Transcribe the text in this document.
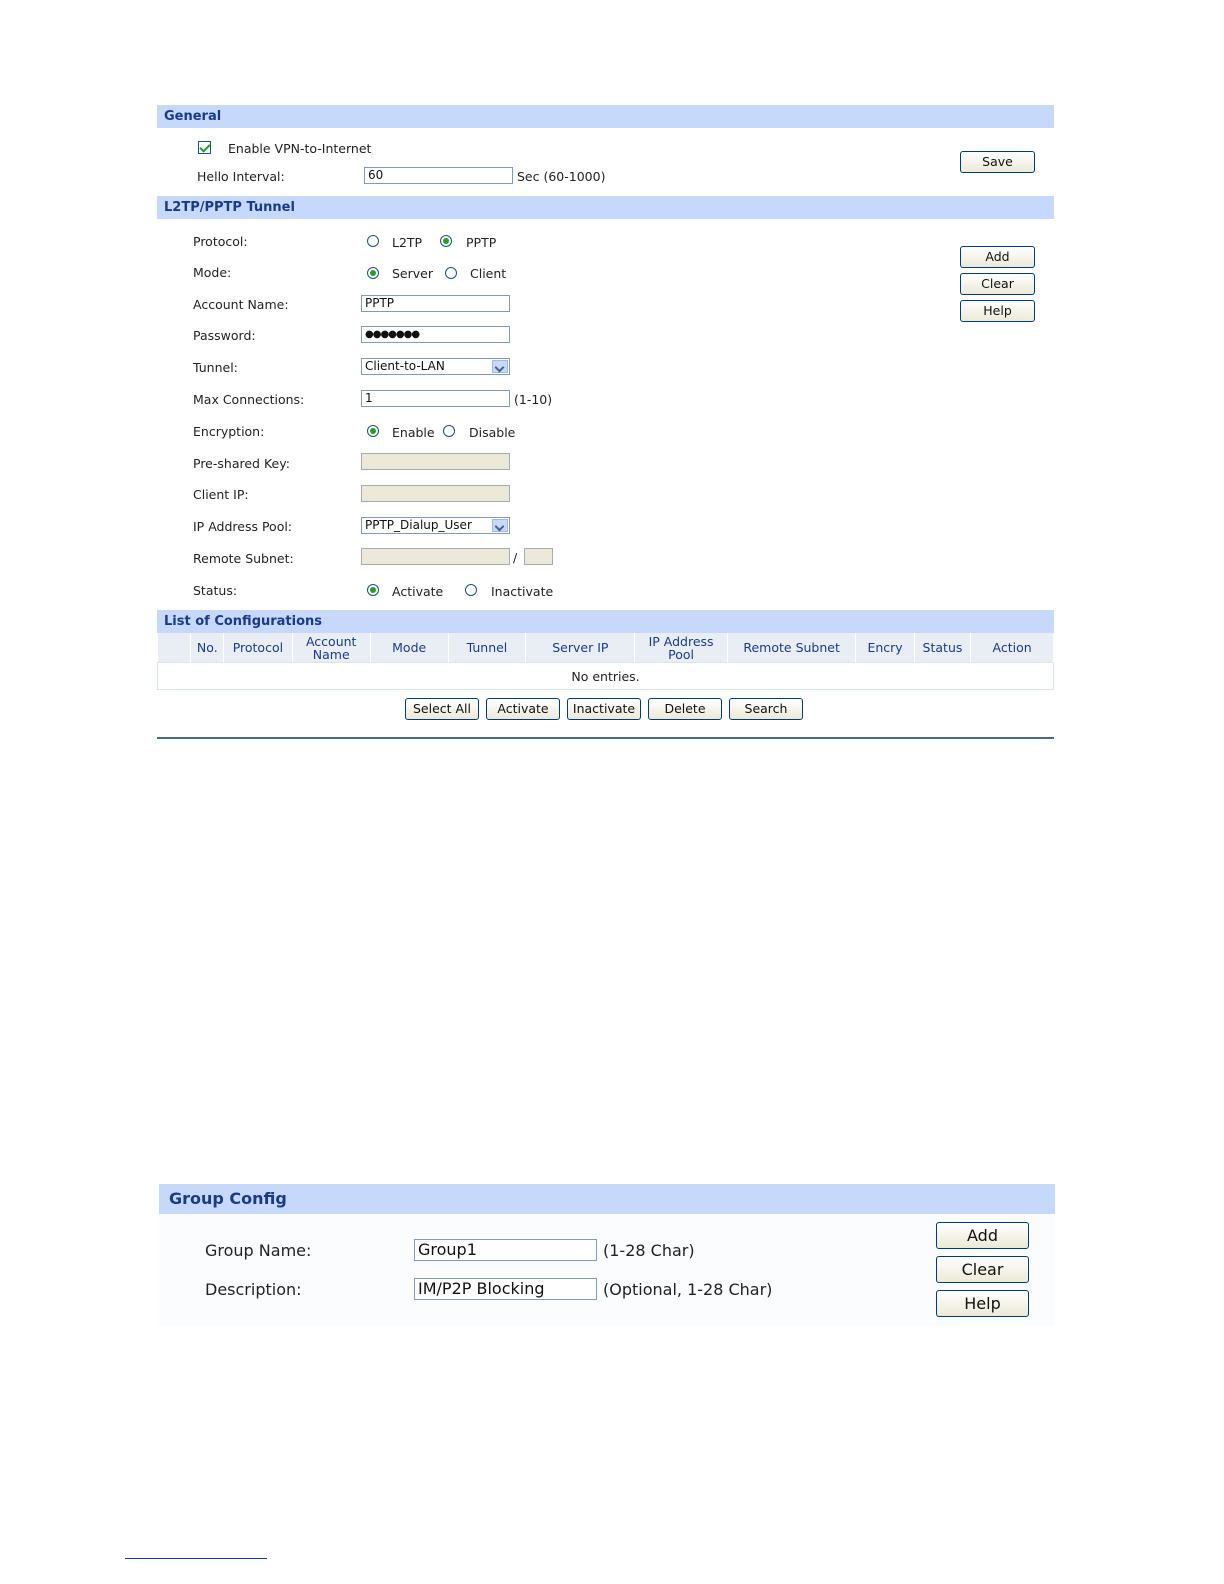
General
Enable VPN-to-Internet
Hello Interval:	60	Sec (60-1000)
Save
L2TP/PPTP Tunnel
Protocol:	L2TP	PPTP
Mode:	Server	Client
Account Name:	PPTP
Password:	●●●●●●●
Tunnel:	Client-to-LAN
Max Connections:	1	(1-10)
Encryption:	Enable	Disable
Pre-shared Key:
Client IP:
IP Address Pool:	PPTP_Dialup_User
Remote Subnet:	/
Status:	Activate	Inactivate
Add
Clear
Help
List of Configurations
	No.	Protocol	Account Name	Mode	Tunnel	Server IP	IP Address Pool	Remote Subnet	Encry	Status	Action
No entries.
Select All	Activate	Inactivate	Delete	Search
Group Config
Group Name:	Group1	(1-28 Char)
Description:	IM/P2P Blocking	(Optional, 1-28 Char)
Add
Clear
Help
